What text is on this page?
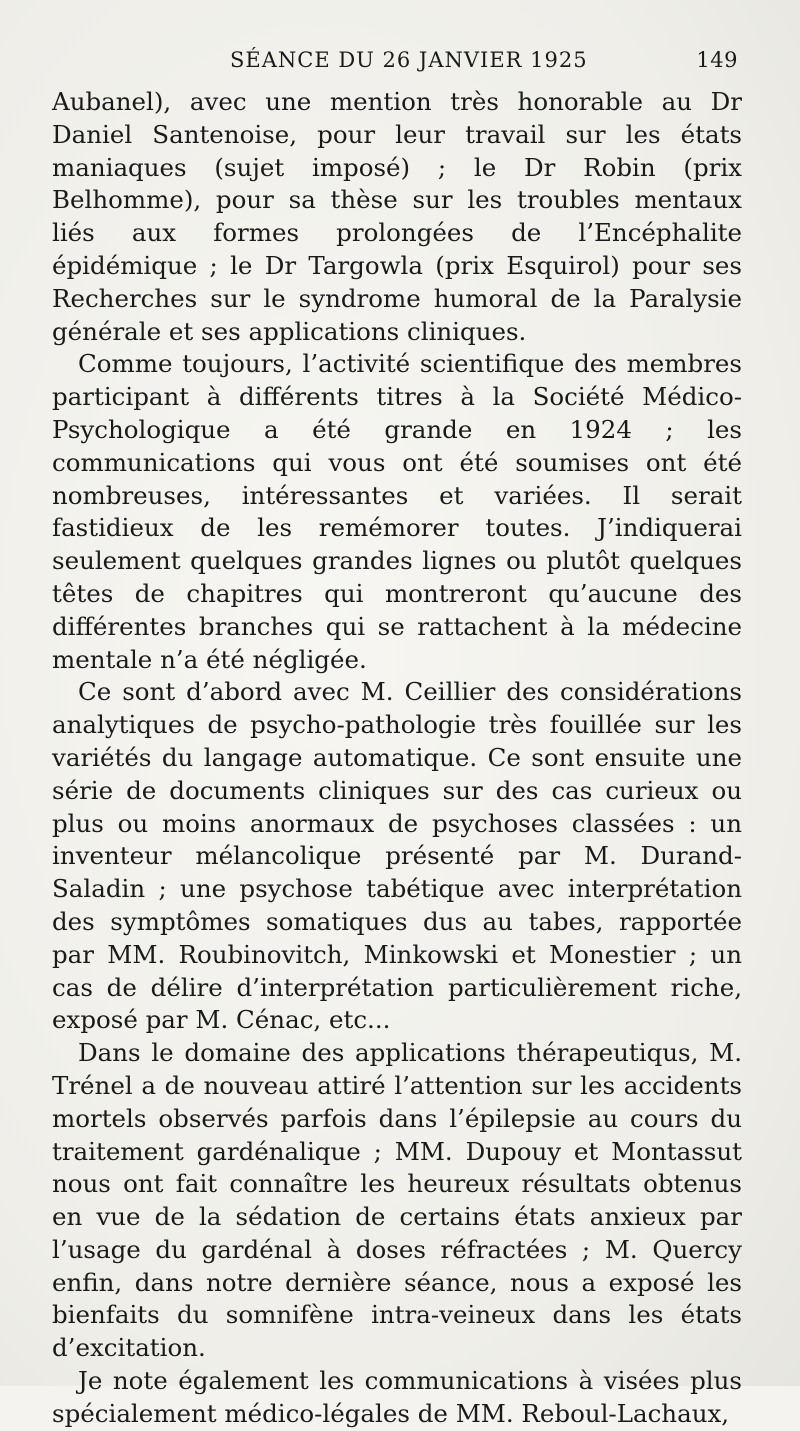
SÉANCE DU 26 JANVIER 1925	149

Aubanel), avec une mention très honorable au Dr Daniel Santenoise, pour leur travail sur les états maniaques (sujet imposé) ; le Dr Robin (prix Belhomme), pour sa thèse sur les troubles mentaux liés aux formes prolongées de l’Encéphalite épidémique ; le Dr Targowla (prix Esquirol) pour ses Recherches sur le syndrome humoral de la Paralysie générale et ses applications cliniques.

Comme toujours, l’activité scientifique des membres participant à différents titres à la Société Médico-Psychologique a été grande en 1924 ; les communications qui vous ont été soumises ont été nombreuses, intéressantes et variées. Il serait fastidieux de les remémorer toutes. J’indiquerai seulement quelques grandes lignes ou plutôt quelques têtes de chapitres qui montreront qu’aucune des différentes branches qui se rattachent à la médecine mentale n’a été négligée.

Ce sont d’abord avec M. Ceillier des considérations analytiques de psycho-pathologie très fouillée sur les variétés du langage automatique. Ce sont ensuite une série de documents cliniques sur des cas curieux ou plus ou moins anormaux de psychoses classées : un inventeur mélancolique présenté par M. Durand-Saladin ; une psychose tabétique avec interprétation des symptômes somatiques dus au tabes, rapportée par MM. Roubinovitch, Minkowski et Monestier ; un cas de délire d’interprétation particulièrement riche, exposé par M. Cénac, etc...

Dans le domaine des applications thérapeutiqus, M. Trénel a de nouveau attiré l’attention sur les accidents mortels observés parfois dans l’épilepsie au cours du traitement gardénalique ; MM. Dupouy et Montassut nous ont fait connaître les heureux résultats obtenus en vue de la sédation de certains états anxieux par l’usage du gardénal à doses réfractées ; M. Quercy enfin, dans notre dernière séance, nous a exposé les bienfaits du somnifène intra-veineux dans les états d’excitation.

Je note également les communications à visées plus spécialement médico-légales de MM. Reboul-Lachaux,
